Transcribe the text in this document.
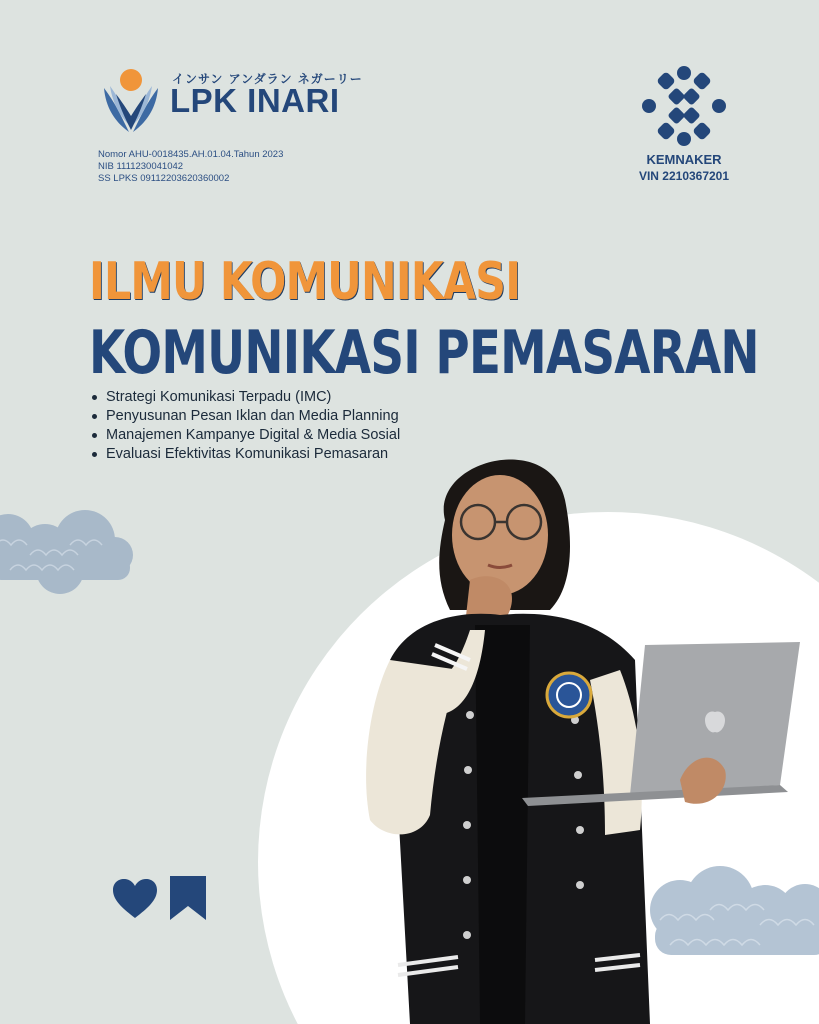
インサン アンダラン ネガーリー
LPK INARI
Nomor AHU-0018435.AH.01.04.Tahun 2023
NIB 1111230041042
SS LPKS 09112203620360002
KEMNAKER
VIN 2210367201
ILMU KOMUNIKASI
KOMUNIKASI PEMASARAN
Strategi Komunikasi Terpadu (IMC)
Penyusunan Pesan Iklan dan Media Planning
Manajemen Kampanye Digital & Media Sosial
Evaluasi Efektivitas Komunikasi Pemasaran
